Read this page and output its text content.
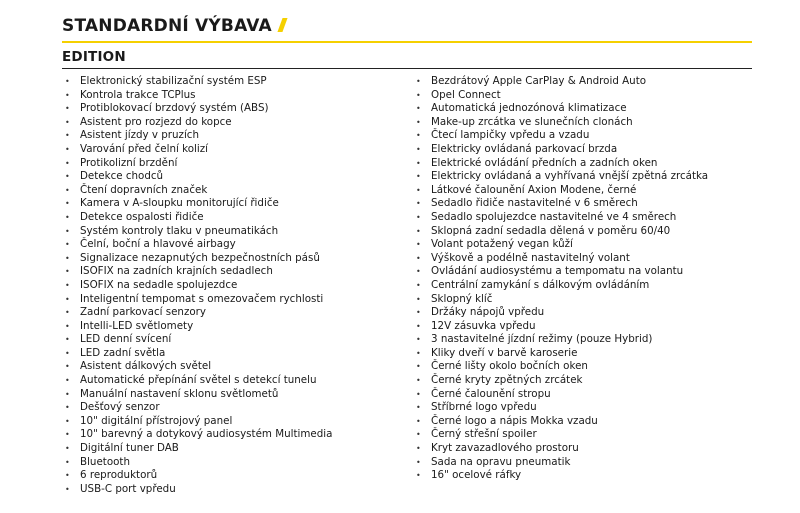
STANDARDNÍ VÝBAVA
EDITION
• Elektronický stabilizační systém ESP
• Kontrola trakce TCPlus
• Protiblokovací brzdový systém (ABS)
• Asistent pro rozjezd do kopce
• Asistent jízdy v pruzích
• Varování před čelní kolizí
• Protikolizní brzdění
• Detekce chodců
• Čtení dopravních značek
• Kamera v A-sloupku monitorující řidiče
• Detekce ospalosti řidiče
• Systém kontroly tlaku v pneumatikách
• Čelní, boční a hlavové airbagy
• Signalizace nezapnutých bezpečnostních pásů
• ISOFIX na zadních krajních sedadlech
• ISOFIX na sedadle spolujezdce
• Inteligentní tempomat s omezovačem rychlosti
• Zadní parkovací senzory
• Intelli-LED světlomety
• LED denní svícení
• LED zadní světla
• Asistent dálkových světel
• Automatické přepínání světel s detekcí tunelu
• Manuální nastavení sklonu světlometů
• Dešťový senzor
• 10" digitální přístrojový panel
• 10" barevný a dotykový audiosystém Multimedia
• Digitální tuner DAB
• Bluetooth
• 6 reproduktorů
• USB-C port vpředu
• Bezdrátový Apple CarPlay & Android Auto
• Opel Connect
• Automatická jednozónová klimatizace
• Make-up zrcátka ve slunečních clonách
• Čtecí lampičky vpředu a vzadu
• Elektricky ovládaná parkovací brzda
• Elektrické ovládání předních a zadních oken
• Elektricky ovládaná a vyhřívaná vnější zpětná zrcátka
• Látkové čalounění Axion Modene, černé
• Sedadlo řidiče nastavitelné v 6 směrech
• Sedadlo spolujezdce nastavitelné ve 4 směrech
• Sklopná zadní sedadla dělená v poměru 60/40
• Volant potažený vegan kůží
• Výškově a podélně nastavitelný volant
• Ovládání audiosystému a tempomatu na volantu
• Centrální zamykání s dálkovým ovládáním
• Sklopný klíč
• Držáky nápojů vpředu
• 12V zásuvka vpředu
• 3 nastavitelné jízdní režimy (pouze Hybrid)
• Kliky dveří v barvě karoserie
• Černé lišty okolo bočních oken
• Černé kryty zpětných zrcátek
• Černé čalounění stropu
• Stříbrné logo vpředu
• Černé logo a nápis Mokka vzadu
• Černý střešní spoiler
• Kryt zavazadlového prostoru
• Sada na opravu pneumatik
• 16" ocelové ráfky
